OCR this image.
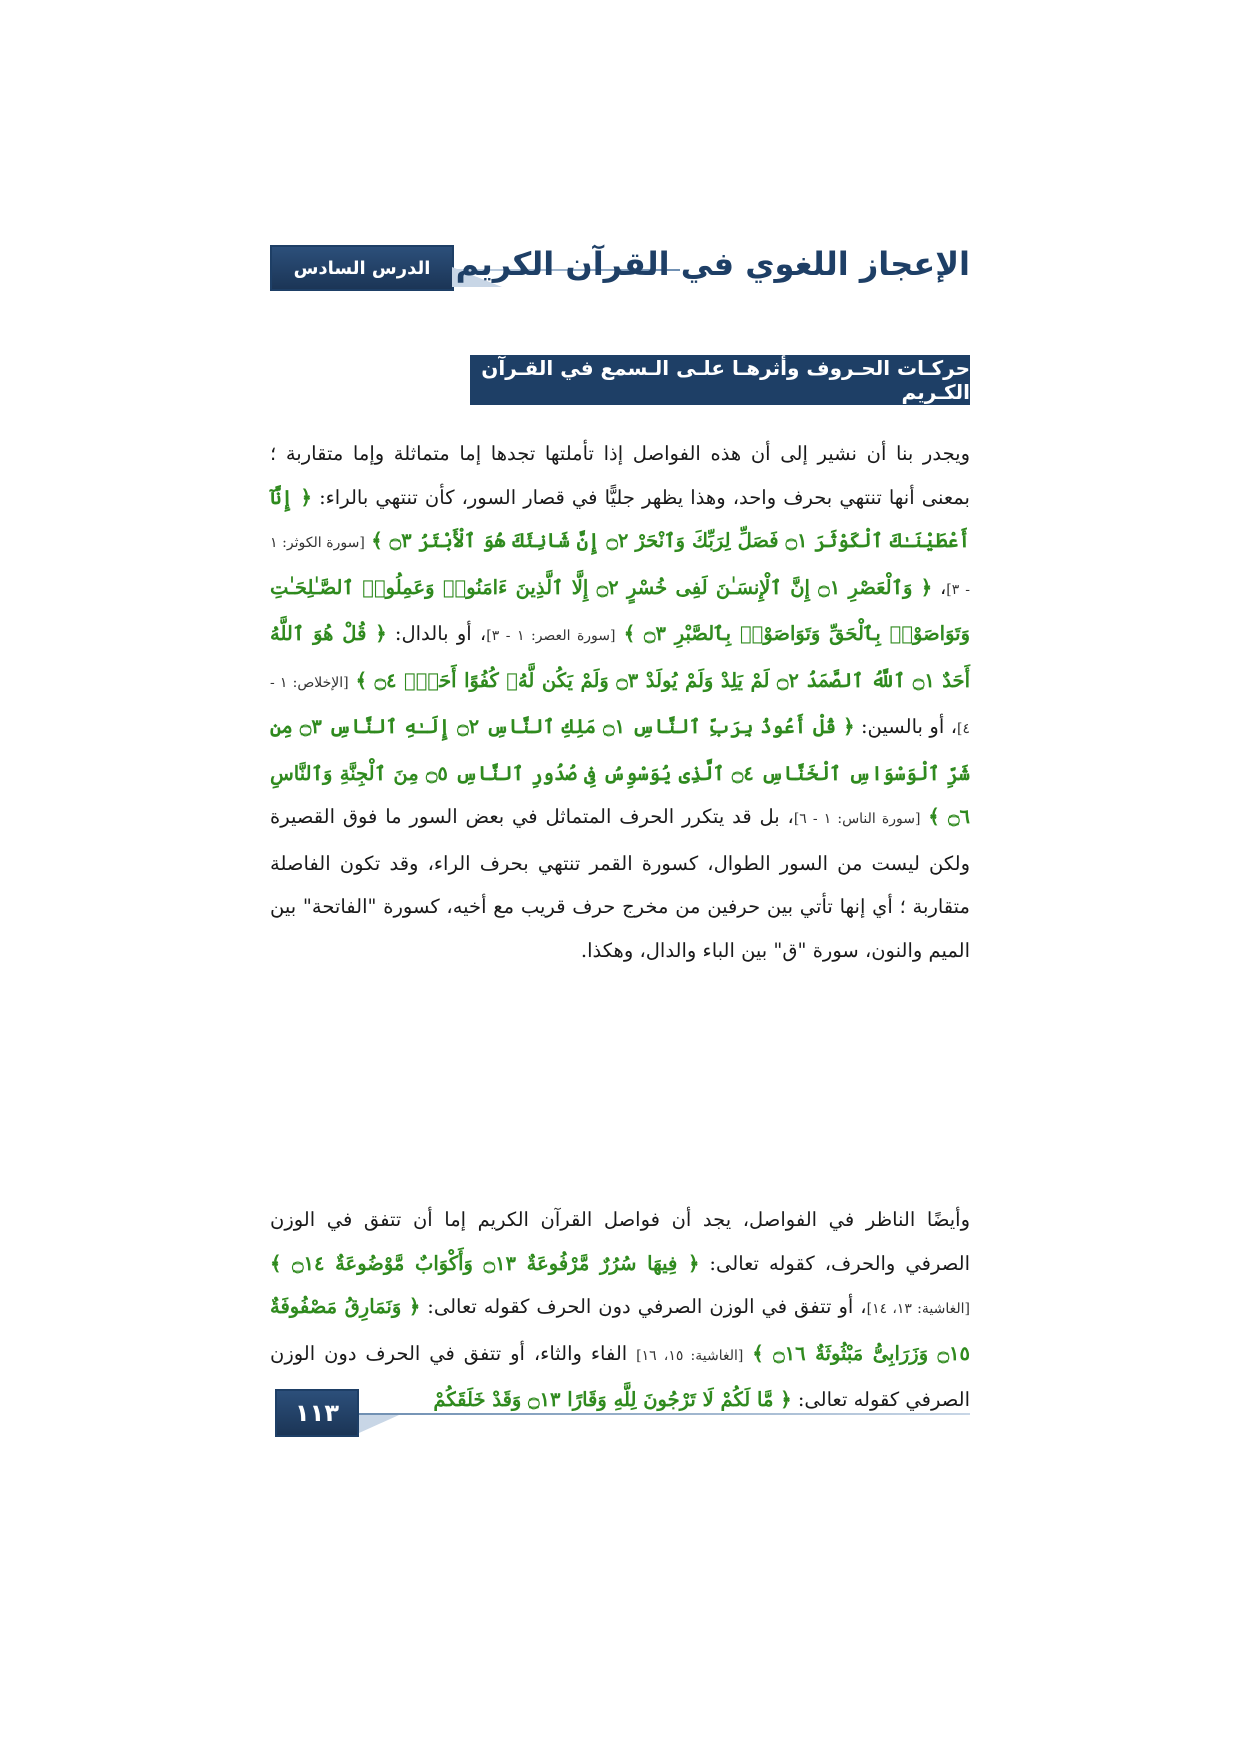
الدرس السادس الإعجاز اللغوي في القرآن الكريم
حركـات الحـروف وأثرهـا علـى الـسمع في القـرآن الكـريم

ويجدر بنا أن نشير إلى أن هذه الفواصل إذا تأملتها تجدها إما متماثلة وإما متقاربة ؛ بمعنى أنها تنتهي بحرف واحد، وهذا يظهر جليًّا في قصار السور، كأن تنتهي بالراء: ﴿ إِنَّآ أَعْطَيْنَـٰكَ ٱلْكَوْثَرَ ۝١ فَصَلِّ لِرَبِّكَ وَٱنْحَرْ ۝٢ إِنَّ شَانِئَكَ هُوَ ٱلْأَبْتَرُ ۝٣ ﴾ [سورة الكوثر: ١ - ٣]، ﴿ وَٱلْعَصْرِ ۝١ إِنَّ ٱلْإِنسَـٰنَ لَفِى خُسْرٍ ۝٢ إِلَّا ٱلَّذِينَ ءَامَنُوا۟ وَعَمِلُوا۟ ٱلصَّـٰلِحَـٰتِ وَتَوَاصَوْا۟ بِٱلْحَقِّ وَتَوَاصَوْا۟ بِٱلصَّبْرِ ۝٣ ﴾ [سورة العصر: ١ - ٣]، أو بالدال: ﴿ قُلْ هُوَ ٱللَّهُ أَحَدٌ ۝١ ٱللَّهُ ٱلصَّمَدُ ۝٢ لَمْ يَلِدْ وَلَمْ يُولَدْ ۝٣ وَلَمْ يَكُن لَّهُۥ كُفُوًا أَحَدٌۢ ۝٤ ﴾ [الإخلاص: ١ - ٤]، أو بالسين: ﴿ قُلْ أَعُوذُ بِرَبِّ ٱلنَّاسِ ۝١ مَلِكِ ٱلنَّاسِ ۝٢ إِلَـٰهِ ٱلنَّاسِ ۝٣ مِن شَرِّ ٱلْوَسْوَاسِ ٱلْخَنَّاسِ ۝٤ ٱلَّذِى يُوَسْوِسُ فِى صُدُورِ ٱلنَّاسِ ۝٥ مِنَ ٱلْجِنَّةِ وَٱلنَّاسِ ۝٦ ﴾ [سورة الناس: ١ - ٦]، بل قد يتكرر الحرف المتماثل في بعض السور ما فوق القصيرة ولكن ليست من السور الطوال، كسورة القمر تنتهي بحرف الراء، وقد تكون الفاصلة متقاربة ؛ أي إنها تأتي بين حرفين من مخرج حرف قريب مع أخيه، كسورة "الفاتحة" بين الميم والنون، سورة "ق" بين الباء والدال، وهكذا.

وأيضًا الناظر في الفواصل، يجد أن فواصل القرآن الكريم إما أن تتفق في الوزن الصرفي والحرف، كقوله تعالى: ﴿ فِيهَا سُرُرٌ مَّرْفُوعَةٌ ۝١٣ وَأَكْوَابٌ مَّوْضُوعَةٌ ۝١٤ ﴾ [الغاشية: ١٣، ١٤]، أو تتفق في الوزن الصرفي دون الحرف كقوله تعالى: ﴿ وَنَمَارِقُ مَصْفُوفَةٌ ۝١٥ وَزَرَابِىُّ مَبْثُوثَةٌ ۝١٦ ﴾ [الغاشية: ١٥، ١٦] الفاء والثاء، أو تتفق في الحرف دون الوزن الصرفي كقوله تعالى: ﴿ مَّا لَكُمْ لَا تَرْجُونَ لِلَّهِ وَقَارًا ۝١٣ وَقَدْ خَلَقَكُمْ

١١٣
